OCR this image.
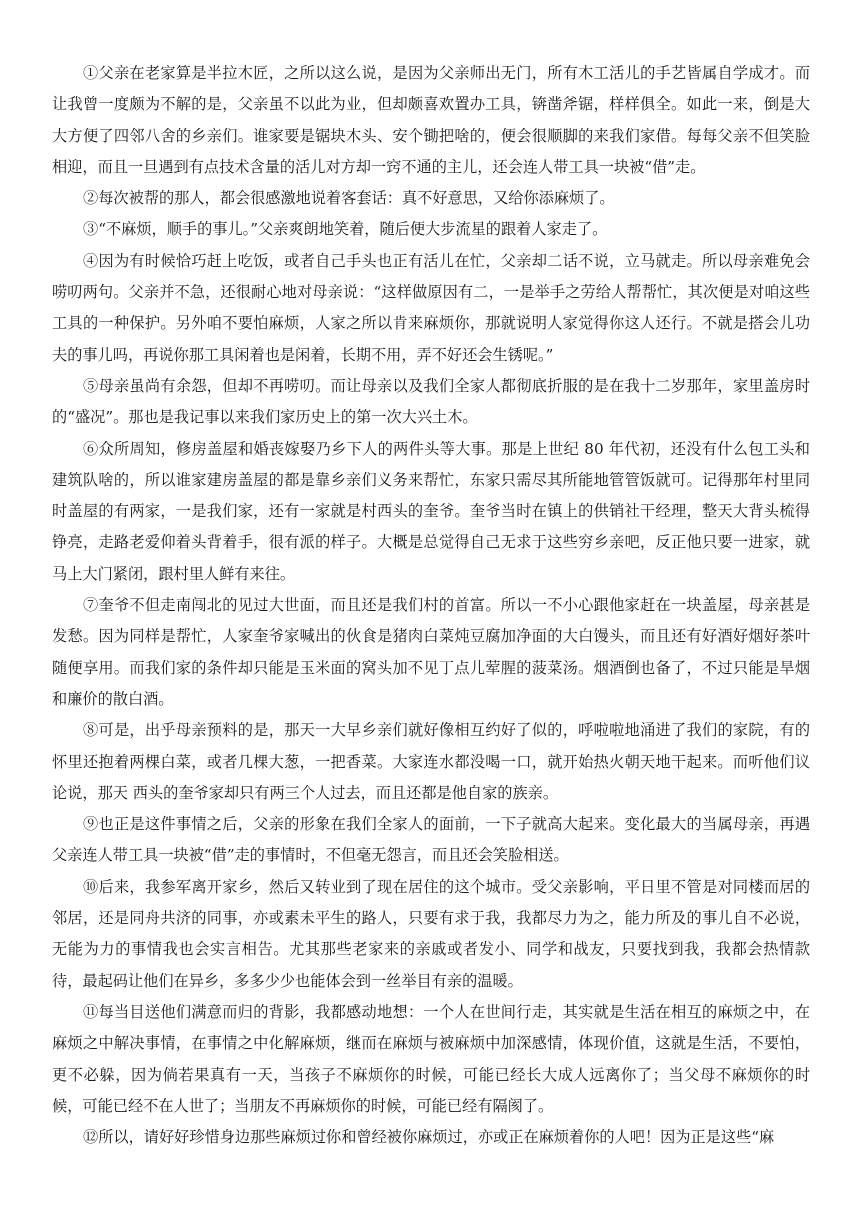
①父亲在老家算是半拉木匠，之所以这么说，是因为父亲师出无门，所有木工活儿的手艺皆属自学成才。而让我曾一度颇为不解的是，父亲虽不以此为业，但却颇喜欢置办工具，锛凿斧锯，样样俱全。如此一来，倒是大大方便了四邻八舍的乡亲们。谁家要是锯块木头、安个锄把啥的，便会很顺脚的来我们家借。每每父亲不但笑脸相迎，而且一旦遇到有点技术含量的活儿对方却一窍不通的主儿，还会连人带工具一块被“借”走。

②每次被帮的那人，都会很感激地说着客套话：真不好意思，又给你添麻烦了。

③“不麻烦，顺手的事儿。”父亲爽朗地笑着，随后便大步流星的跟着人家走了。

④因为有时候恰巧赶上吃饭，或者自己手头也正有活儿在忙，父亲却二话不说，立马就走。所以母亲难免会唠叨两句。父亲并不急，还很耐心地对母亲说：“这样做原因有二，一是举手之劳给人帮帮忙，其次便是对咱这些工具的一种保护。另外咱不要怕麻烦，人家之所以肯来麻烦你，那就说明人家觉得你这人还行。不就是搭会儿功夫的事儿吗，再说你那工具闲着也是闲着，长期不用，弄不好还会生锈呢。”

⑤母亲虽尚有余怨，但却不再唠叨。而让母亲以及我们全家人都彻底折服的是在我十二岁那年，家里盖房时的“盛况”。那也是我记事以来我们家历史上的第一次大兴土木。

⑥众所周知，修房盖屋和婚丧嫁娶乃乡下人的两件头等大事。那是上世纪 80 年代初，还没有什么包工头和建筑队啥的，所以谁家建房盖屋的都是靠乡亲们义务来帮忙，东家只需尽其所能地管管饭就可。记得那年村里同时盖屋的有两家，一是我们家，还有一家就是村西头的奎爷。奎爷当时在镇上的供销社干经理，整天大背头梳得铮亮，走路老爱仰着头背着手，很有派的样子。大概是总觉得自己无求于这些穷乡亲吧，反正他只要一进家，就马上大门紧闭，跟村里人鲜有来往。

⑦奎爷不但走南闯北的见过大世面，而且还是我们村的首富。所以一不小心跟他家赶在一块盖屋，母亲甚是发愁。因为同样是帮忙，人家奎爷家喊出的伙食是猪肉白菜炖豆腐加净面的大白馒头，而且还有好酒好烟好茶叶随便享用。而我们家的条件却只能是玉米面的窝头加不见丁点儿荤腥的菠菜汤。烟酒倒也备了，不过只能是旱烟和廉价的散白酒。

⑧可是，出乎母亲预料的是，那天一大早乡亲们就好像相互约好了似的，呼啦啦地涌进了我们的家院，有的怀里还抱着两棵白菜，或者几棵大葱，一把香菜。大家连水都没喝一口，就开始热火朝天地干起来。而听他们议论说，那天 西头的奎爷家却只有两三个人过去，而且还都是他自家的族亲。

⑨也正是这件事情之后，父亲的形象在我们全家人的面前，一下子就高大起来。变化最大的当属母亲，再遇父亲连人带工具一块被“借”走的事情时，不但毫无怨言，而且还会笑脸相送。

⑩后来，我参军离开家乡，然后又转业到了现在居住的这个城市。受父亲影响，平日里不管是对同楼而居的邻居，还是同舟共济的同事，亦或素未平生的路人，只要有求于我，我都尽力为之，能力所及的事儿自不必说，无能为力的事情我也会实言相告。尤其那些老家来的亲戚或者发小、同学和战友，只要找到我，我都会热情款待，最起码让他们在异乡，多多少少也能体会到一丝举目有亲的温暖。

⑪每当目送他们满意而归的背影，我都感动地想：一个人在世间行走，其实就是生活在相互的麻烦之中，在麻烦之中解决事情，在事情之中化解麻烦，继而在麻烦与被麻烦中加深感情，体现价值，这就是生活，不要怕，更不必躲，因为倘若果真有一天，当孩子不麻烦你的时候，可能已经长大成人远离你了；当父母不麻烦你的时候，可能已经不在人世了；当朋友不再麻烦你的时候，可能已经有隔阂了。

⑫所以，请好好珍惜身边那些麻烦过你和曾经被你麻烦过，亦或正在麻烦着你的人吧！因为正是这些“麻
